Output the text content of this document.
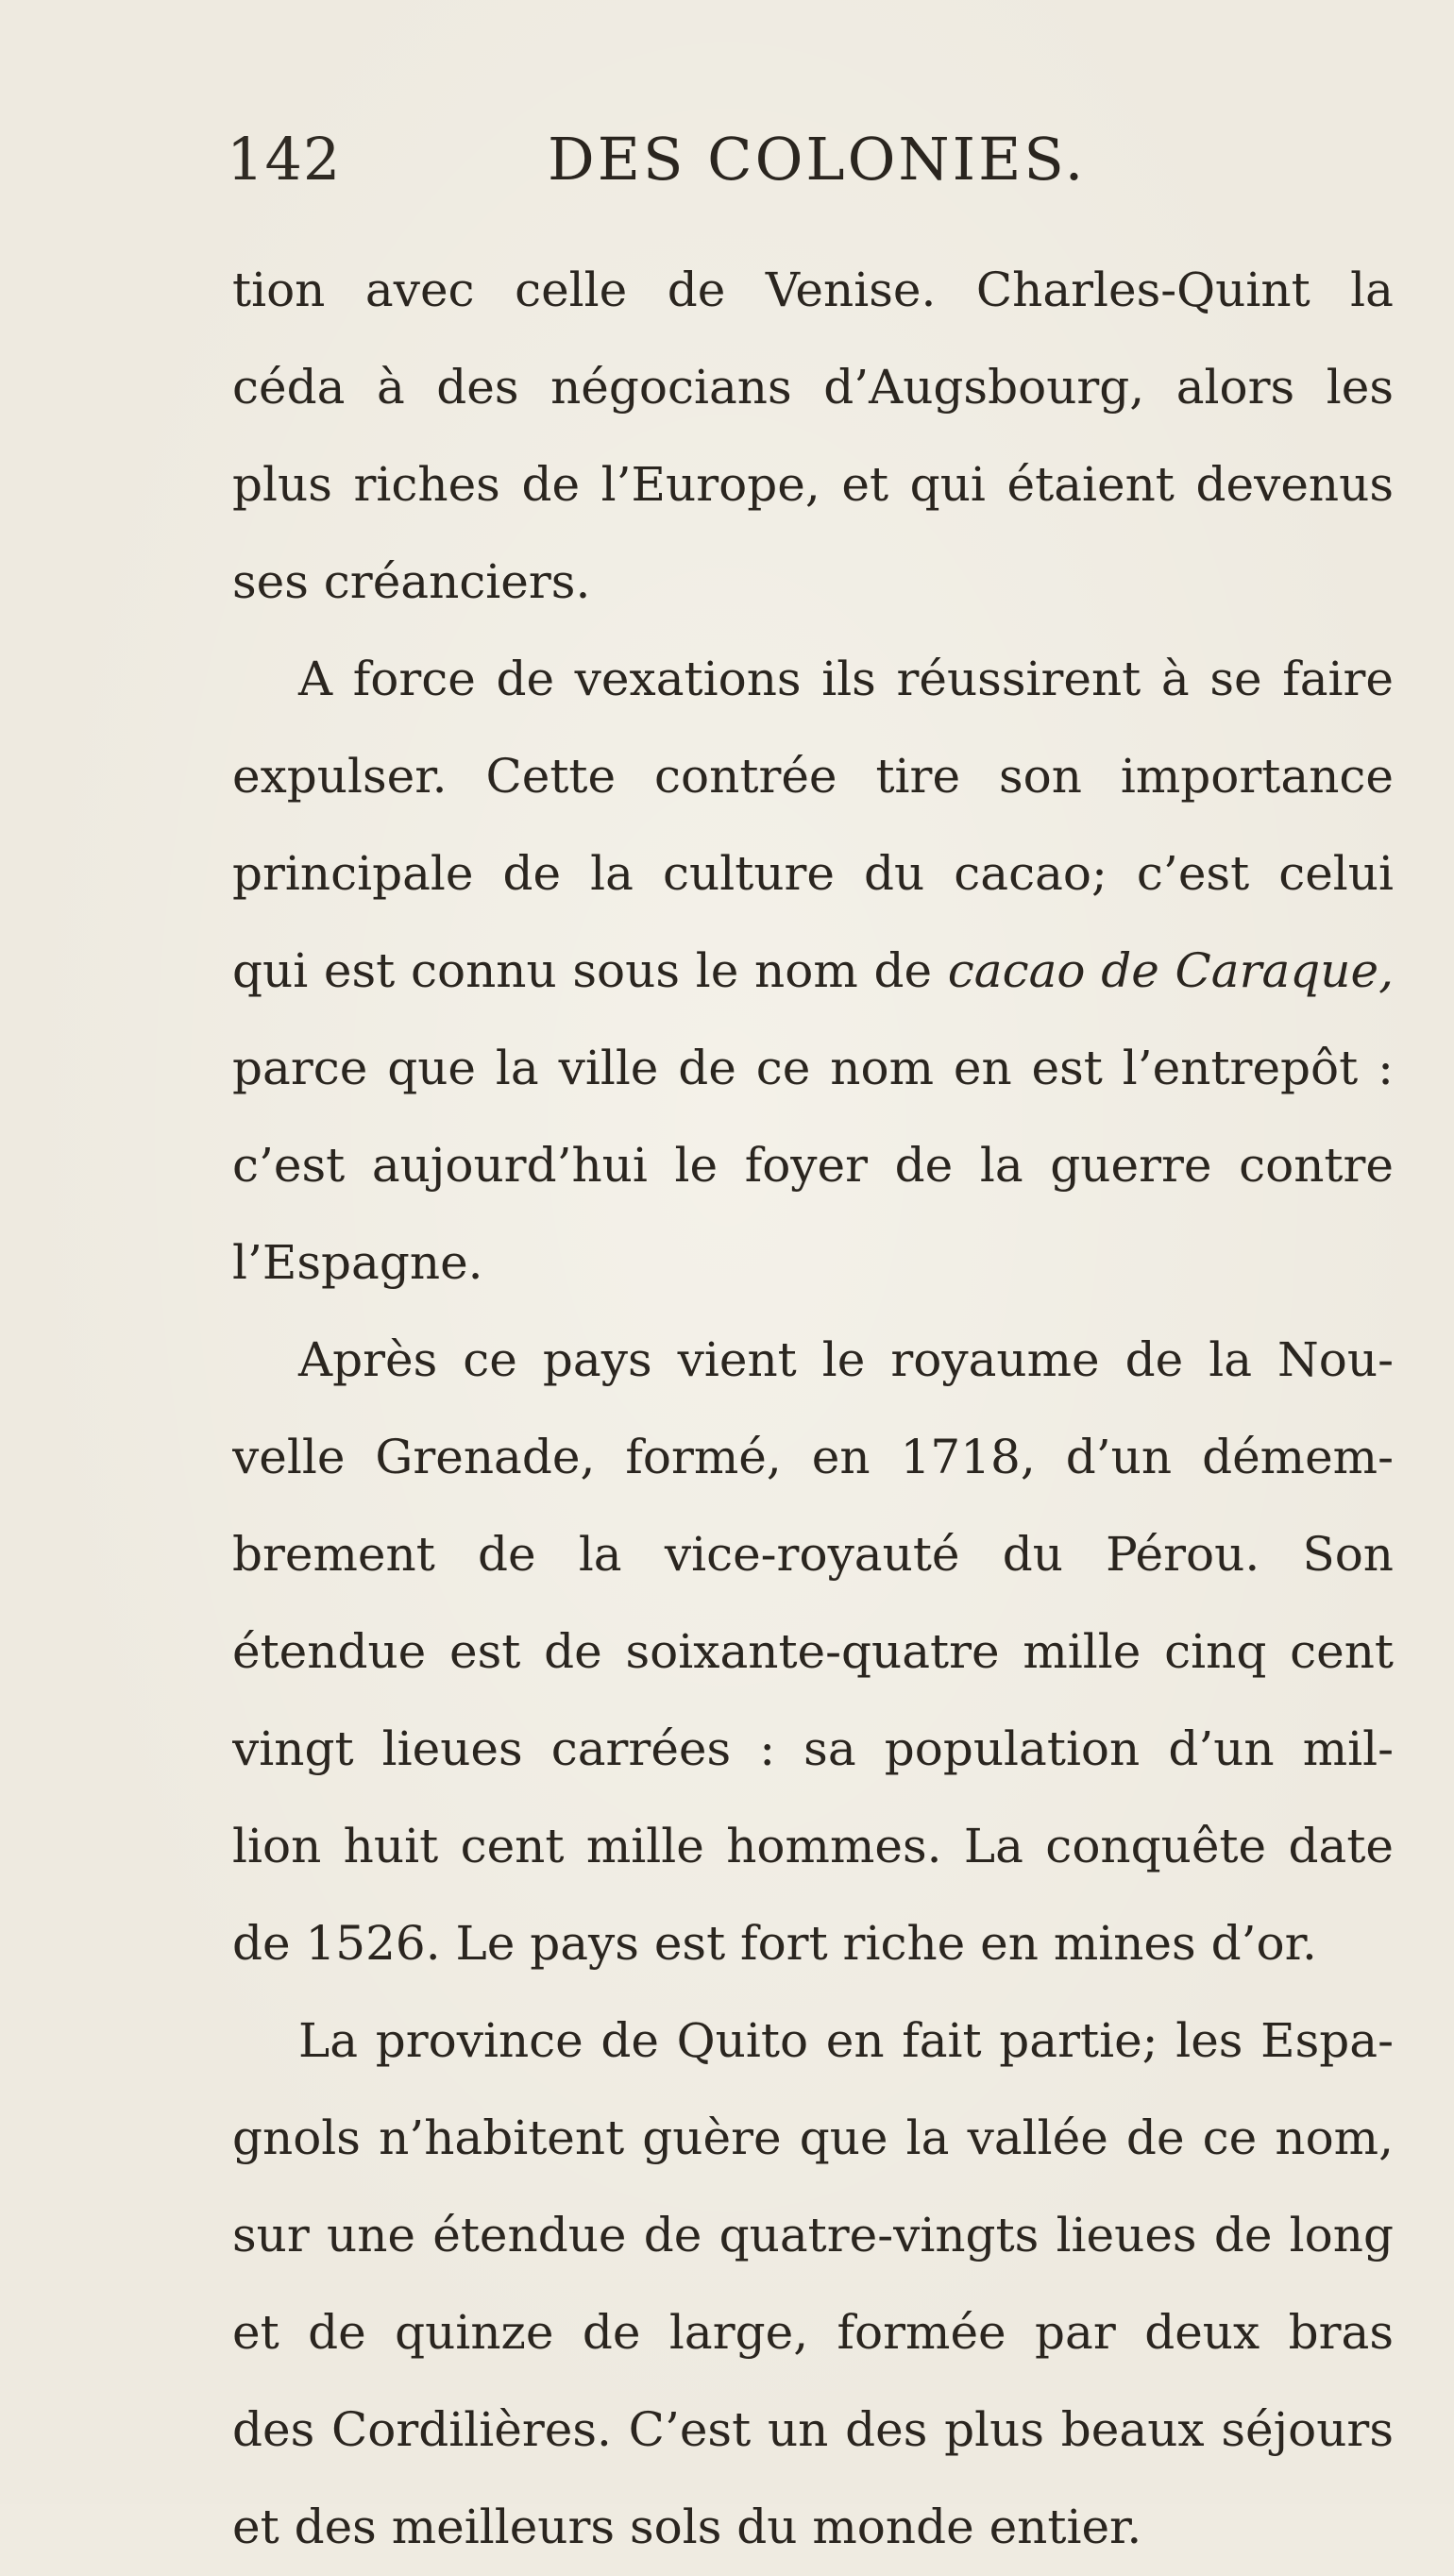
142	DES COLONIES.
tion avec celle de Venise. Charles-Quint la
céda à des négocians d’Augsbourg, alors les
plus riches de l’Europe, et qui étaient devenus
ses créanciers.
A force de vexations ils réussirent à se faire
expulser. Cette contrée tire son importance
principale de la culture du cacao; c’est celui
qui est connu sous le nom de cacao de Caraque,
parce que la ville de ce nom en est l’entrepôt :
c’est aujourd’hui le foyer de la guerre contre
l’Espagne.
Après ce pays vient le royaume de la Nou-
velle Grenade, formé, en 1718, d’un démem-
brement de la vice-royauté du Pérou. Son
étendue est de soixante-quatre mille cinq cent
vingt lieues carrées : sa population d’un mil-
lion huit cent mille hommes. La conquête date
de 1526. Le pays est fort riche en mines d’or.
La province de Quito en fait partie; les Espa-
gnols n’habitent guère que la vallée de ce nom,
sur une étendue de quatre-vingts lieues de long
et de quinze de large, formée par deux bras
des Cordilières. C’est un des plus beaux séjours
et des meilleurs sols du monde entier.
